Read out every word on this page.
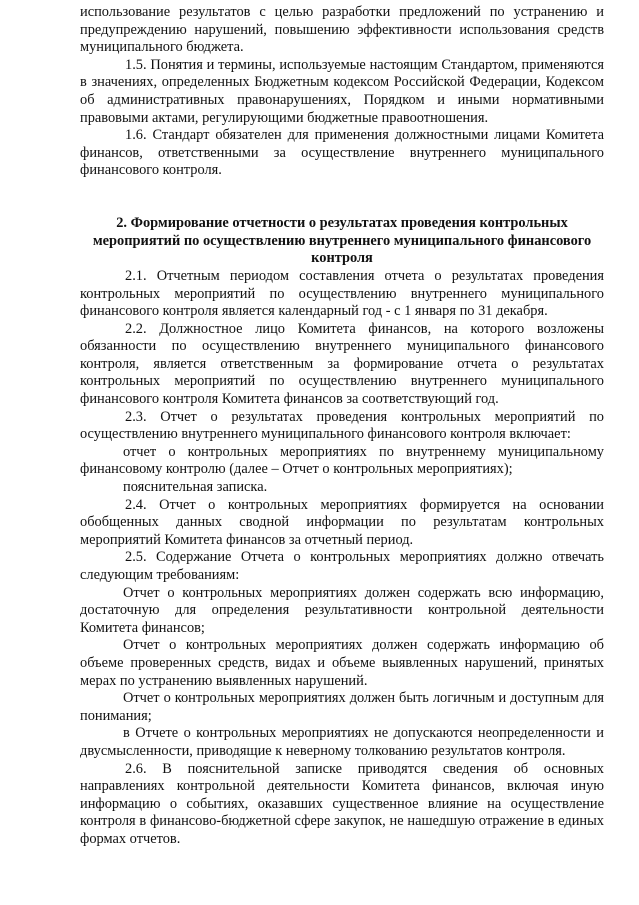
использование результатов с целью разработки предложений по устранению и предупреждению нарушений, повышению эффективности использования средств муниципального бюджета.

1.5. Понятия и термины, используемые настоящим Стандартом, применяются в значениях, определенных Бюджетным кодексом Российской Федерации, Кодексом об административных правонарушениях, Порядком и иными нормативными правовыми актами, регулирующими бюджетные правоотношения.

1.6. Стандарт обязателен для применения должностными лицами Комитета финансов, ответственными за осуществление внутреннего муниципального финансового контроля.

2. Формирование отчетности о результатах проведения контрольных мероприятий по осуществлению внутреннего муниципального финансового контроля

2.1. Отчетным периодом составления отчета о результатах проведения контрольных мероприятий по осуществлению внутреннего муниципального финансового контроля является календарный год - с 1 января по 31 декабря.

2.2. Должностное лицо Комитета финансов, на которого возложены обязанности по осуществлению внутреннего муниципального финансового контроля, является ответственным за формирование отчета о результатах контрольных мероприятий по осуществлению внутреннего муниципального финансового контроля Комитета финансов за соответствующий год.

2.3. Отчет о результатах проведения контрольных мероприятий по осуществлению внутреннего муниципального финансового контроля включает:

отчет о контрольных мероприятиях по внутреннему муниципальному финансовому контролю (далее – Отчет о контрольных мероприятиях);

пояснительная записка.

2.4. Отчет о контрольных мероприятиях формируется на основании обобщенных данных сводной информации по результатам контрольных мероприятий Комитета финансов за отчетный период.

2.5. Содержание Отчета о контрольных мероприятиях должно отвечать следующим требованиям:

Отчет о контрольных мероприятиях должен содержать всю информацию, достаточную для определения результативности контрольной деятельности Комитета финансов;

Отчет о контрольных мероприятиях должен содержать информацию об объеме проверенных средств, видах и объеме выявленных нарушений, принятых мерах по устранению выявленных нарушений.

Отчет о контрольных мероприятиях должен быть логичным и доступным для понимания;

в Отчете о контрольных мероприятиях не допускаются неопределенности и двусмысленности, приводящие к неверному толкованию результатов контроля.

2.6. В пояснительной записке приводятся сведения об основных направлениях контрольной деятельности Комитета финансов, включая иную информацию о событиях, оказавших существенное влияние на осуществление контроля в финансово-бюджетной сфере закупок, не нашедшую отражение в единых формах отчетов.
